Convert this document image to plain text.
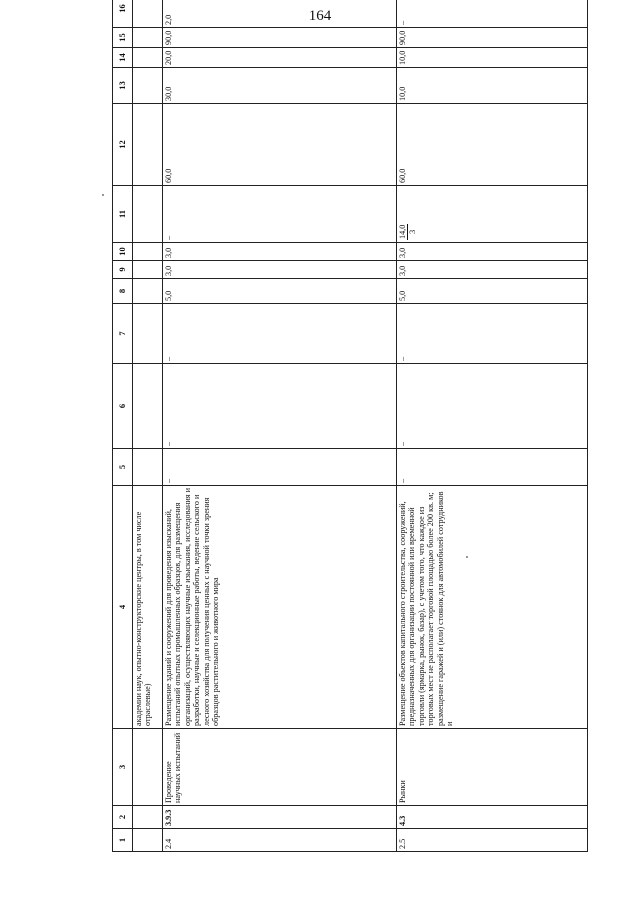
164
1	2	3	4	5	6	7	8	9	10	11	12	13	14	15	16			
			академии наук, опытно-конструкторские центры, в том числе отраслевые)															
2.4	3.9.3	Проведение научных испытаний	Размещение зданий и сооружений для проведения изысканий, испытаний опытных промышленных образцов, для размещения организаций, осуществляющих научные изыскания, исследования и разработки, научные и селекционные работы, ведение сельского и лесного хозяйства для получения ценных с научной точки зрения образцов растительного и животного мира	–	–	–	5,0	3,0	3,0	–	60,0	30,0	20,0	90,0	2,0			
2.5	4.3	Рынки	Размещение объектов капитального строительства, сооружений, предназначенных для организации постоянной или временной торговли (ярмарка, рынок, базар), с учетом того, что каждое из торговых мест не располагает торговой площадью более 200 кв. м; размещение гаражей и (или) стоянок для автомобилей сотрудников и	–	–	–	5,0	3,0	3,0	14,0 3	60,0	10,0	10,0	90,0	–			
